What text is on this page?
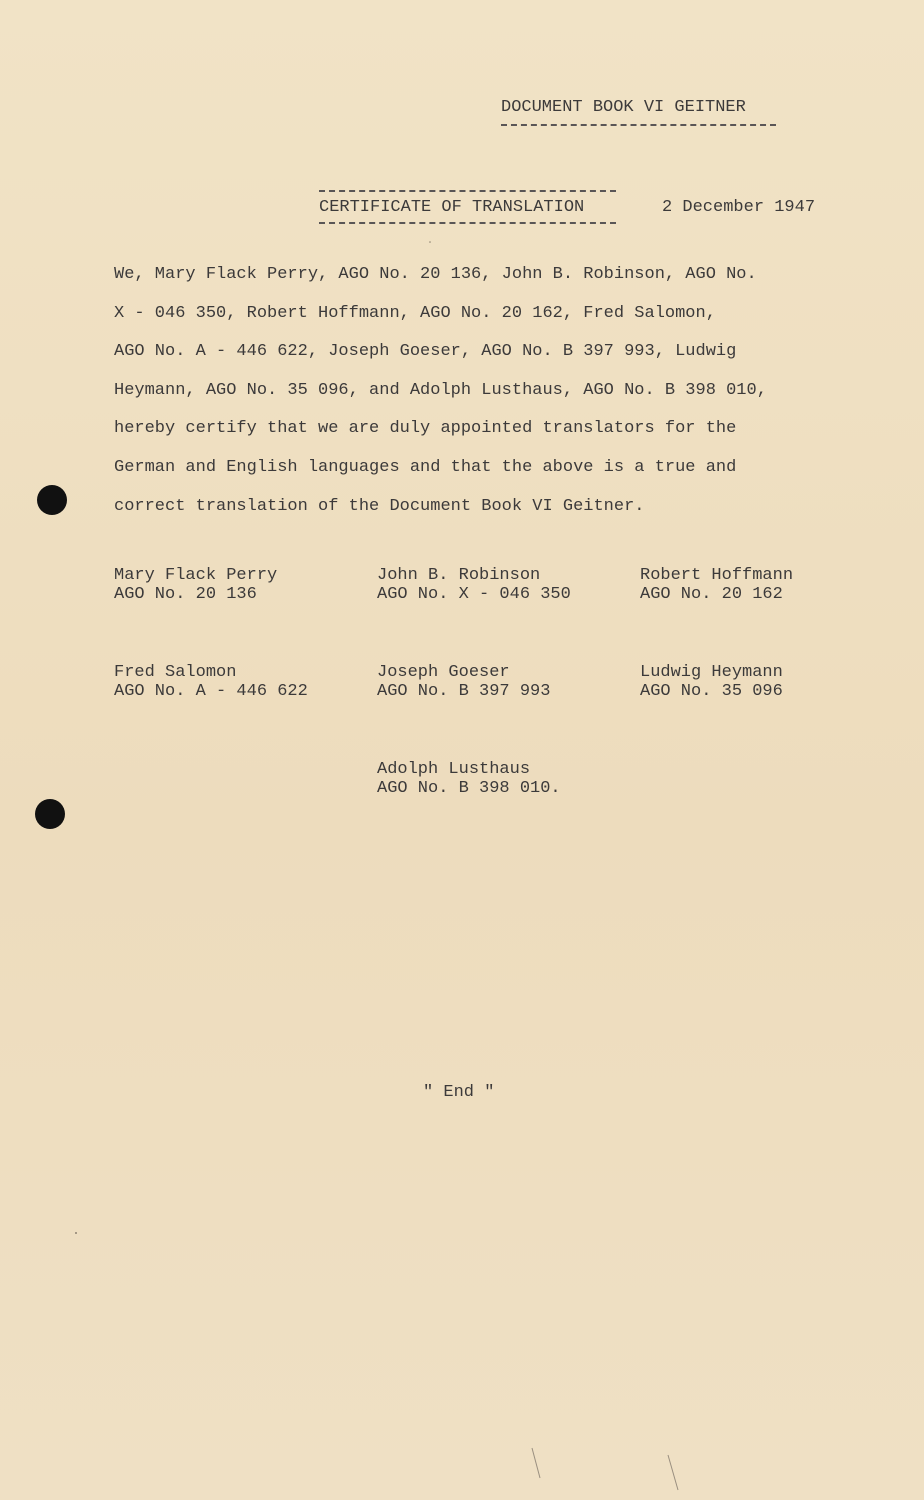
DOCUMENT BOOK VI GEITNER
CERTIFICATE OF TRANSLATION	2 December 1947
We, Mary Flack Perry, AGO No. 20 136, John B. Robinson, AGO No.
X - 046 350, Robert Hoffmann, AGO No. 20 162, Fred Salomon,
AGO No. A - 446 622, Joseph Goeser, AGO No. B 397 993, Ludwig
Heymann, AGO No. 35 096, and Adolph Lusthaus, AGO No. B 398 010,
hereby certify that we are duly appointed translators for the
German and English languages and that the above is a true and
correct translation of the Document Book VI Geitner.
Mary Flack Perry
AGO No. 20 136
John B. Robinson
AGO No. X - 046 350
Robert Hoffmann
AGO No. 20 162
Fred Salomon
AGO No. A - 446 622
Joseph Goeser
AGO No. B 397 993
Ludwig Heymann
AGO No. 35 096
Adolph Lusthaus
AGO No. B 398 010.
" End "
